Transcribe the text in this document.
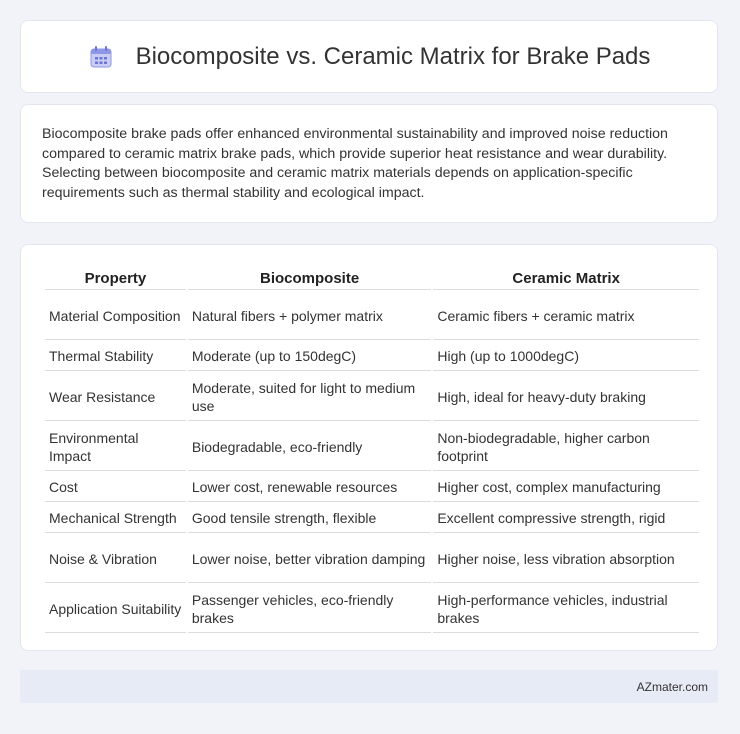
Biocomposite vs. Ceramic Matrix for Brake Pads

Biocomposite brake pads offer enhanced environmental sustainability and improved noise reduction compared to ceramic matrix brake pads, which provide superior heat resistance and wear durability. Selecting between biocomposite and ceramic matrix materials depends on application-specific requirements such as thermal stability and ecological impact.

Property	Biocomposite	Ceramic Matrix
Material Composition	Natural fibers + polymer matrix	Ceramic fibers + ceramic matrix
Thermal Stability	Moderate (up to 150degC)	High (up to 1000degC)
Wear Resistance	Moderate, suited for light to medium use	High, ideal for heavy-duty braking
Environmental Impact	Biodegradable, eco-friendly	Non-biodegradable, higher carbon footprint
Cost	Lower cost, renewable resources	Higher cost, complex manufacturing
Mechanical Strength	Good tensile strength, flexible	Excellent compressive strength, rigid
Noise & Vibration	Lower noise, better vibration damping	Higher noise, less vibration absorption
Application Suitability	Passenger vehicles, eco-friendly brakes	High-performance vehicles, industrial brakes
AZmater.com
